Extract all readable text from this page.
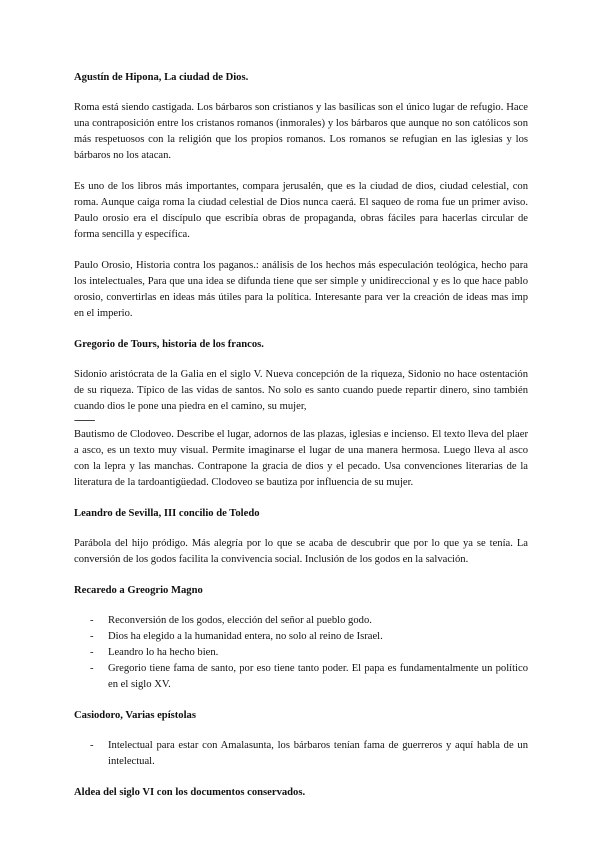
Agustín de Hipona, La ciudad de Dios.

Roma está siendo castigada. Los bárbaros son cristianos y las basílicas son el único lugar de refugio. Hace una contraposición entre los cristanos romanos (inmorales) y los bárbaros que aunque no son católicos son más respetuosos con la religión que los propios romanos. Los romanos se refugian en las iglesias y los bárbaros no los atacan.

Es uno de los libros más importantes, compara jerusalén, que es la ciudad de dios, ciudad celestial, con roma. Aunque caiga roma la ciudad celestial de Dios nunca caerá. El saqueo de roma fue un primer aviso. Paulo orosio era el discípulo que escribía obras de propaganda, obras fáciles para hacerlas circular de forma sencilla y específica.

Paulo Orosio, Historia contra los paganos.: análisis de los hechos más especulación teológica, hecho para los intelectuales, Para que una idea se difunda tiene que ser simple y unidireccional y es lo que hace pablo orosio, convertirlas en ideas más útiles para la política. Interesante para ver la creación de ideas mas imp en el imperio.

Gregorio de Tours, historia de los francos.

Sidonio aristócrata de la Galia en el siglo V. Nueva concepción de la riqueza, Sidonio no hace ostentación de su riqueza. Típico de las vidas de santos. No solo es santo cuando puede repartir dinero, sino también cuando dios le pone una piedra en el camino, su mujer,

--------

Bautismo de Clodoveo. Describe el lugar, adornos de las plazas, iglesias e incienso. El texto lleva del plaer a asco, es un texto muy visual. Permite imaginarse el lugar de una manera hermosa. Luego lleva al asco con la lepra y las manchas. Contrapone la gracia de dios y el pecado. Usa convenciones literarias de la literatura de la tardoantigüedad. Clodoveo se bautiza por influencia de su mujer.

Leandro de Sevilla, III concilio de Toledo

Parábola del hijo pródigo. Más alegría por lo que se acaba de descubrir que por lo que ya se tenía. La conversión de los godos facilita la convivencia social. Inclusión de los godos en la salvación.

Recaredo a Greogrio Magno
- Reconversión de los godos, elección del señor al pueblo godo.
- Dios ha elegido a la humanidad entera, no solo al reino de Israel.
- Leandro lo ha hecho bien.
- Gregorio tiene fama de santo, por eso tiene tanto poder. El papa es fundamentalmente un político en el siglo XV.
Casiodoro, Varias epístolas
- Intelectual para estar con Amalasunta, los bárbaros tenían fama de guerreros y aquí habla de un intelectual.
Aldea del siglo VI con los documentos conservados.
